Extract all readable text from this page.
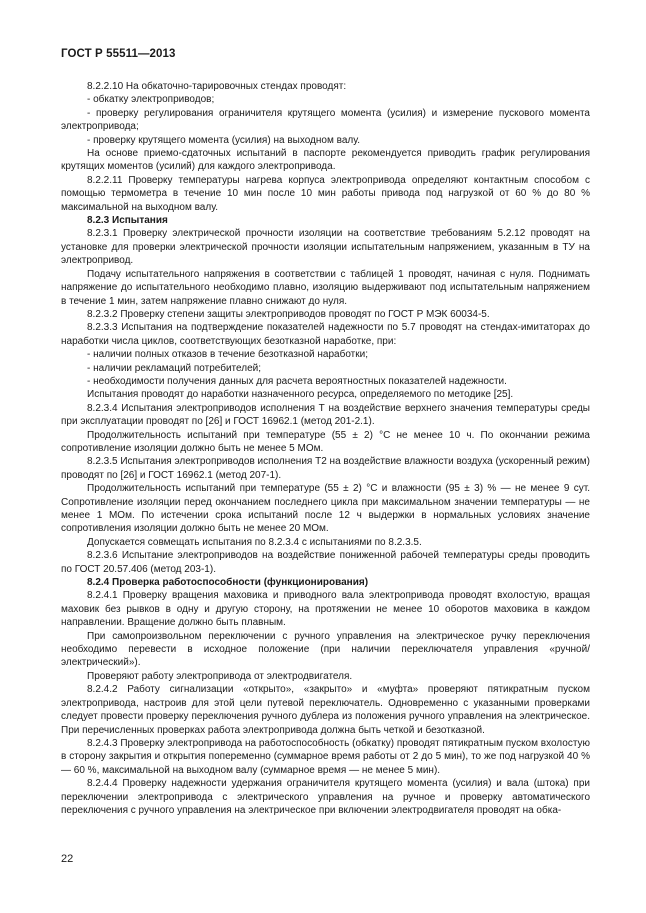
ГОСТ Р 55511—2013

8.2.2.10 На обкаточно-тарировочных стендах проводят:

- обкатку электроприводов;

- проверку регулирования ограничителя крутящего момента (усилия) и измерение пускового момента электропривода;

- проверку крутящего момента (усилия) на выходном валу.

На основе приемо-сдаточных испытаний в паспорте рекомендуется приводить график регулирования крутящих моментов (усилий) для каждого электропривода.

8.2.2.11 Проверку температуры нагрева корпуса электропривода определяют контактным способом с помощью термометра в течение 10 мин после 10 мин работы привода под нагрузкой от 60 % до 80 % максимальной на выходном валу.

8.2.3 Испытания

8.2.3.1 Проверку электрической прочности изоляции на соответствие требованиям 5.2.12 проводят на установке для проверки электрической прочности изоляции испытательным напряжением, указанным в ТУ на электропривод.

Подачу испытательного напряжения в соответствии с таблицей 1 проводят, начиная с нуля. Поднимать напряжение до испытательного необходимо плавно, изоляцию выдерживают под испытательным напряжением в течение 1 мин, затем напряжение плавно снижают до нуля.

8.2.3.2 Проверку степени защиты электроприводов проводят по ГОСТ Р МЭК 60034-5.

8.2.3.3 Испытания на подтверждение показателей надежности по 5.7 проводят на стендах-имитаторах до наработки числа циклов, соответствующих безотказной наработке, при:

- наличии полных отказов в течение безотказной наработки;

- наличии рекламаций потребителей;

- необходимости получения данных для расчета вероятностных показателей надежности.

Испытания проводят до наработки назначенного ресурса, определяемого по методике [25].

8.2.3.4 Испытания электроприводов исполнения Т на воздействие верхнего значения температуры среды при эксплуатации проводят по [26] и ГОСТ 16962.1 (метод 201-2.1).

Продолжительность испытаний при температуре (55 ± 2) °С не менее 10 ч. По окончании режима сопротивление изоляции должно быть не менее 5 МОм.

8.2.3.5 Испытания электроприводов исполнения Т2 на воздействие влажности воздуха (ускоренный режим) проводят по [26] и ГОСТ 16962.1 (метод 207-1).

Продолжительность испытаний при температуре (55 ± 2) °С и влажности (95 ± 3) % — не менее 9 сут. Сопротивление изоляции перед окончанием последнего цикла при максимальном значении температуры — не менее 1 МОм. По истечении срока испытаний после 12 ч выдержки в нормальных условиях значение сопротивления изоляции должно быть не менее 20 МОм.

Допускается совмещать испытания по 8.2.3.4 с испытаниями по 8.2.3.5.

8.2.3.6 Испытание электроприводов на воздействие пониженной рабочей температуры среды проводить по ГОСТ 20.57.406 (метод 203-1).

8.2.4 Проверка работоспособности (функционирования)

8.2.4.1 Проверку вращения маховика и приводного вала электропривода проводят вхолостую, вращая маховик без рывков в одну и другую сторону, на протяжении не менее 10 оборотов маховика в каждом направлении. Вращение должно быть плавным.

При самопроизвольном переключении с ручного управления на электрическое ручку переключения необходимо перевести в исходное положение (при наличии переключателя управления «ручной/электрический»).

Проверяют работу электропривода от электродвигателя.

8.2.4.2 Работу сигнализации «открыто», «закрыто» и «муфта» проверяют пятикратным пуском электропривода, настроив для этой цели путевой переключатель. Одновременно с указанными проверками следует провести проверку переключения ручного дублера из положения ручного управления на электрическое. При перечисленных проверках работа электропривода должна быть четкой и безотказной.

8.2.4.3 Проверку электропривода на работоспособность (обкатку) проводят пятикратным пуском вхолостую в сторону закрытия и открытия попеременно (суммарное время работы от 2 до 5 мин), то же под нагрузкой 40 % — 60 %, максимальной на выходном валу (суммарное время — не менее 5 мин).

8.2.4.4 Проверку надежности удержания ограничителя крутящего момента (усилия) и вала (штока) при переключении электропривода с электрического управления на ручное и проверку автоматического переключения с ручного управления на электрическое при включении электродвигателя проводят на обка-

22
